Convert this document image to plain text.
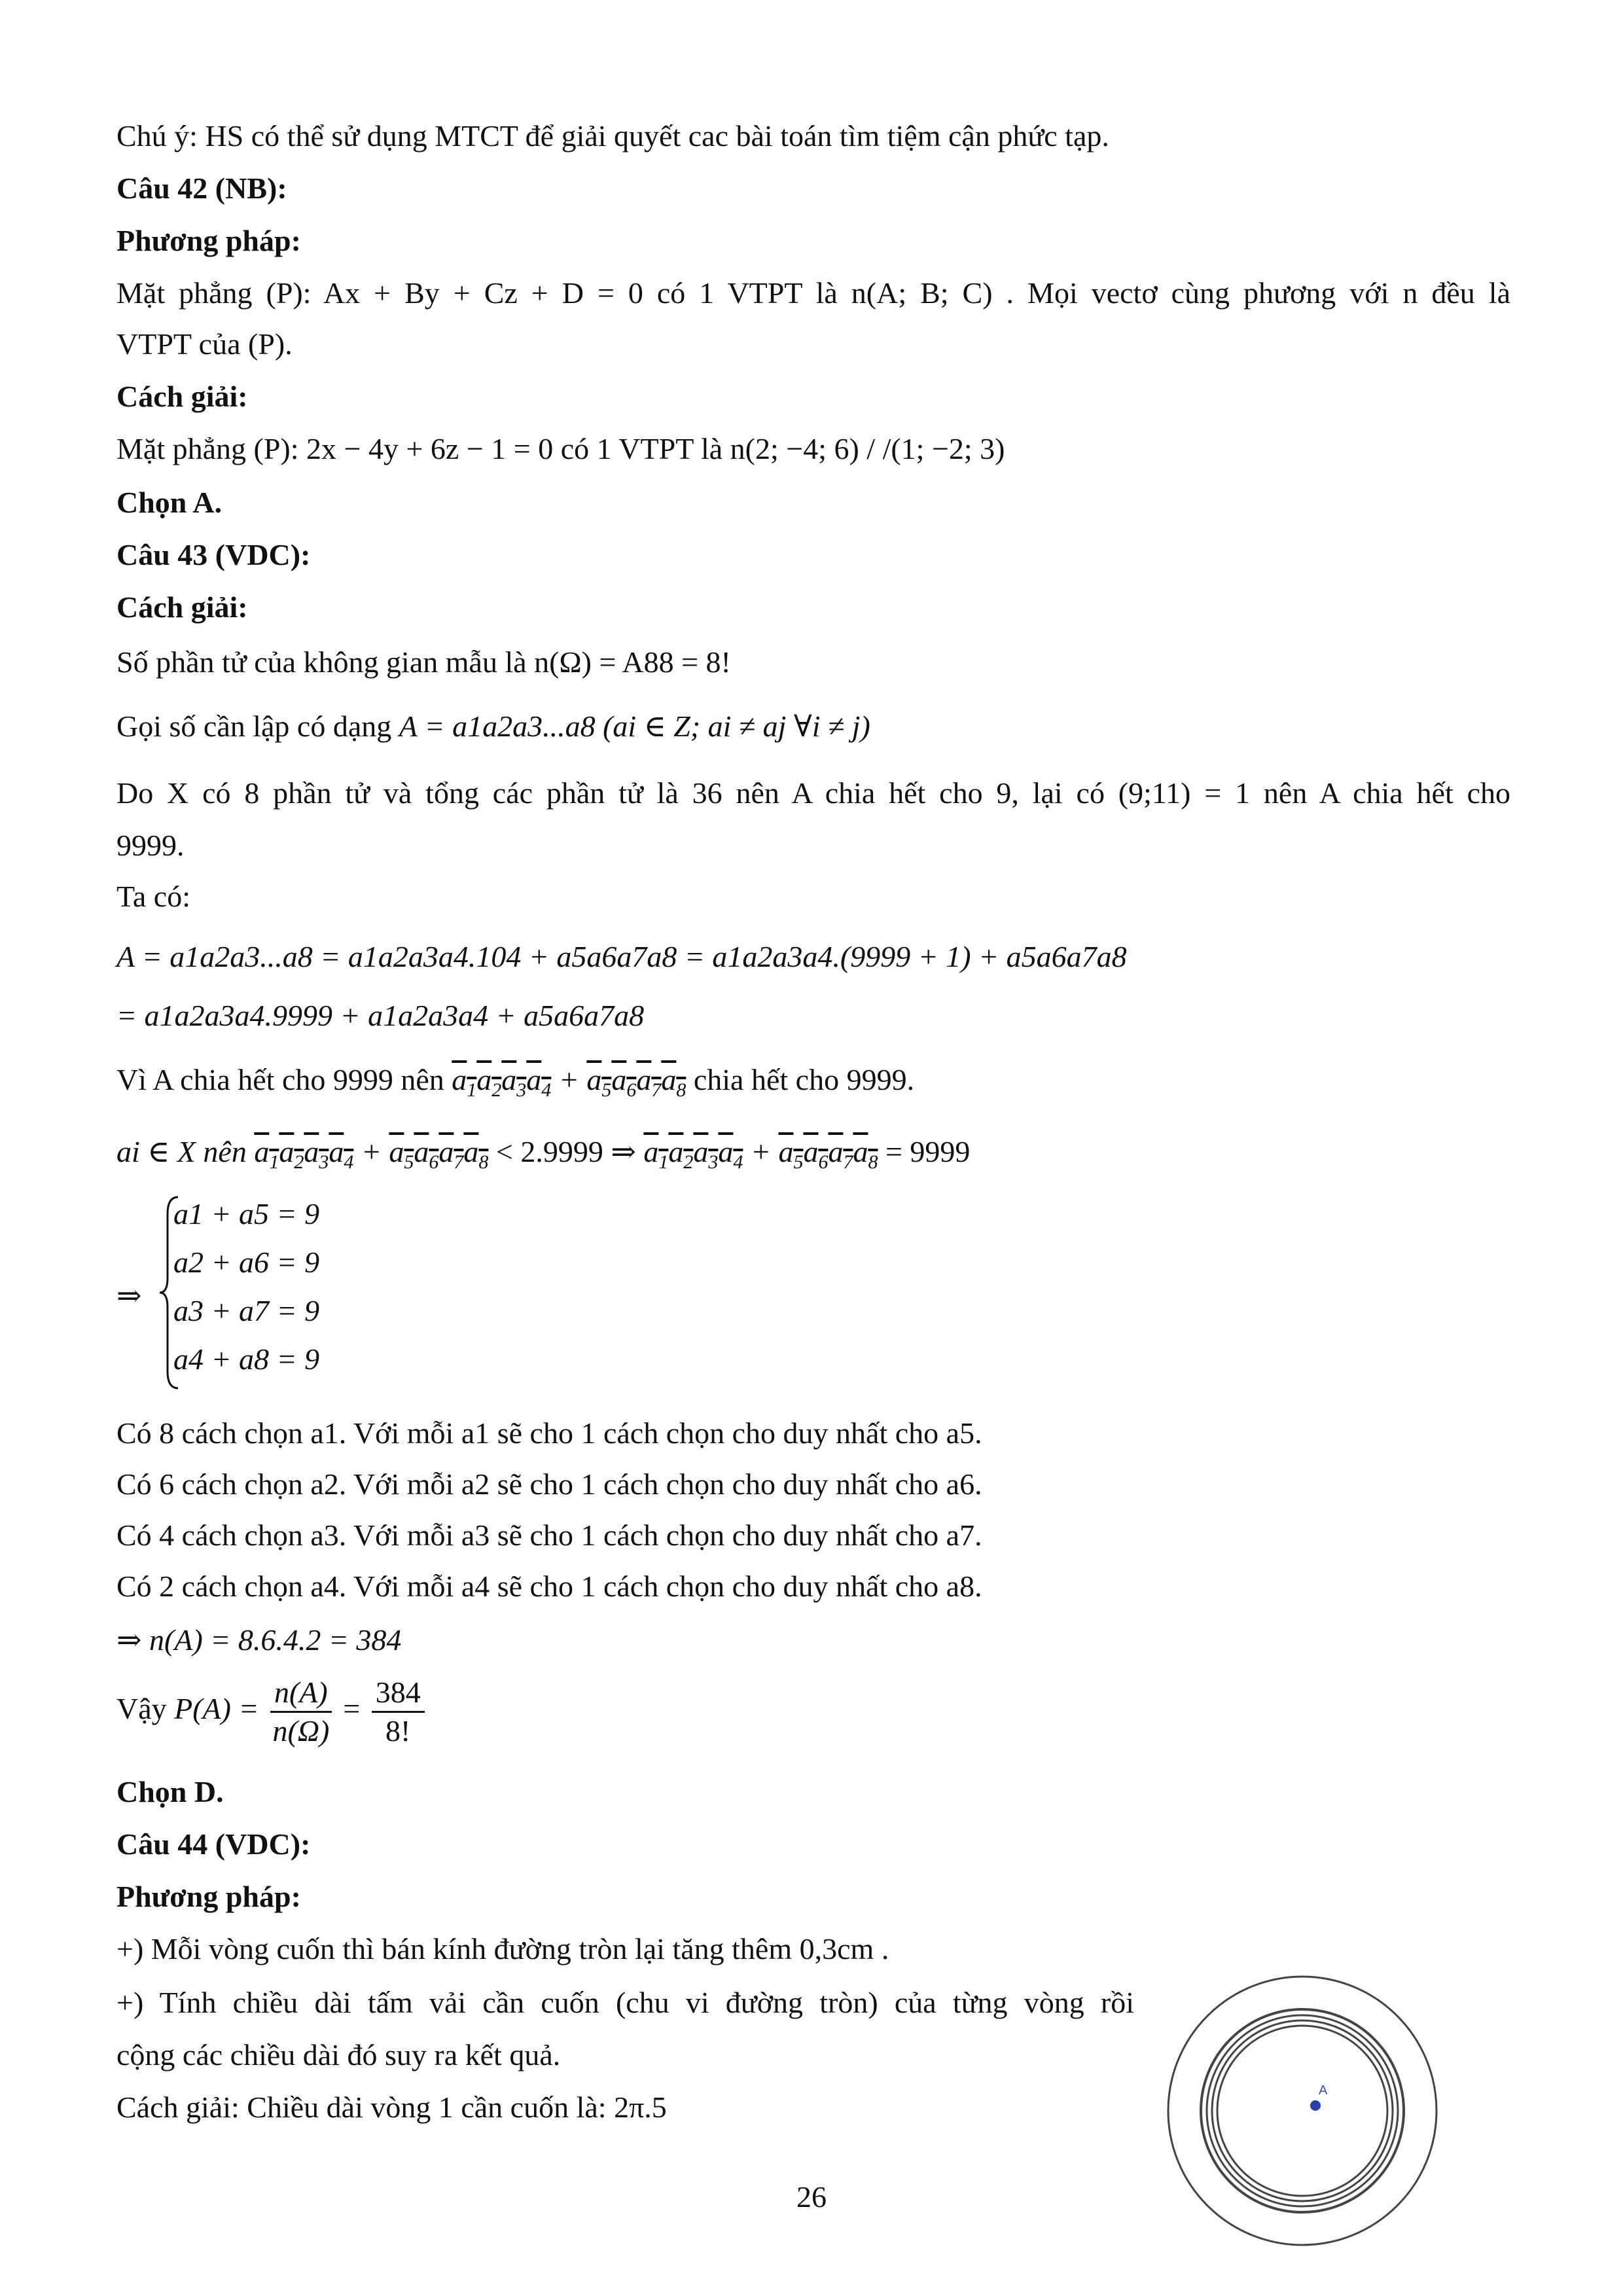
Chú ý: HS có thể sử dụng MTCT để giải quyết cac bài toán tìm tiệm cận phức tạp.
Câu 42 (NB):
Phương pháp:
Mặt phẳng (P): Ax + By + Cz + D = 0 có 1 VTPT là n(A; B; C) . Mọi vectơ cùng phương với n đều là
VTPT của (P).
Cách giải:
Mặt phẳng (P): 2x − 4y + 6z − 1 = 0 có 1 VTPT là n(2; −4; 6) / /(1; −2; 3)
Chọn A.
Câu 43 (VDC):
Cách giải:
Số phần tử của không gian mẫu là n(Ω) = A88 = 8!
Gọi số cần lập có dạng A = a1a2a3...a8 (ai ∈ Z; ai ≠ aj ∀i ≠ j)
Do X có 8 phần tử và tổng các phần tử là 36 nên A chia hết cho 9, lại có (9;11) = 1 nên A chia hết cho
9999.
Ta có:
A = a1a2a3...a8 = a1a2a3a4.104 + a5a6a7a8 = a1a2a3a4.(9999 + 1) + a5a6a7a8
= a1a2a3a4.9999 + a1a2a3a4 + a5a6a7a8
Vì A chia hết cho 9999 nên $a_1a_2a_3a_4 + a_5a_6a_7a_8$ chia hết cho 9999.
ai ∈ X nên $a_1a_2a_3a_4 + a_5a_6a_7a_8 < 2.9999$ ⇒ $a_1a_2a_3a_4 + a_5a_6a_7a_8 = 9999$
⇒
a1 + a5 = 9
a2 + a6 = 9
a3 + a7 = 9
a4 + a8 = 9
Có 8 cách chọn a1. Với mỗi a1 sẽ cho 1 cách chọn cho duy nhất cho a5.
Có 6 cách chọn a2. Với mỗi a2 sẽ cho 1 cách chọn cho duy nhất cho a6.
Có 4 cách chọn a3. Với mỗi a3 sẽ cho 1 cách chọn cho duy nhất cho a7.
Có 2 cách chọn a4. Với mỗi a4 sẽ cho 1 cách chọn cho duy nhất cho a8.
⇒ n(A) = 8.6.4.2 = 384
Vậy $P(A) = \frac{n(A)}{n(\Omega)} = \frac{384}{8!}$
Chọn D.
Câu 44 (VDC):
Phương pháp:
+) Mỗi vòng cuốn thì bán kính đường tròn lại tăng thêm 0,3cm .
+) Tính chiều dài tấm vải cần cuốn (chu vi đường tròn) của từng vòng rồi
cộng các chiều dài đó suy ra kết quả.
Cách giải: Chiều dài vòng 1 cần cuốn là: 2π.5	A
26
